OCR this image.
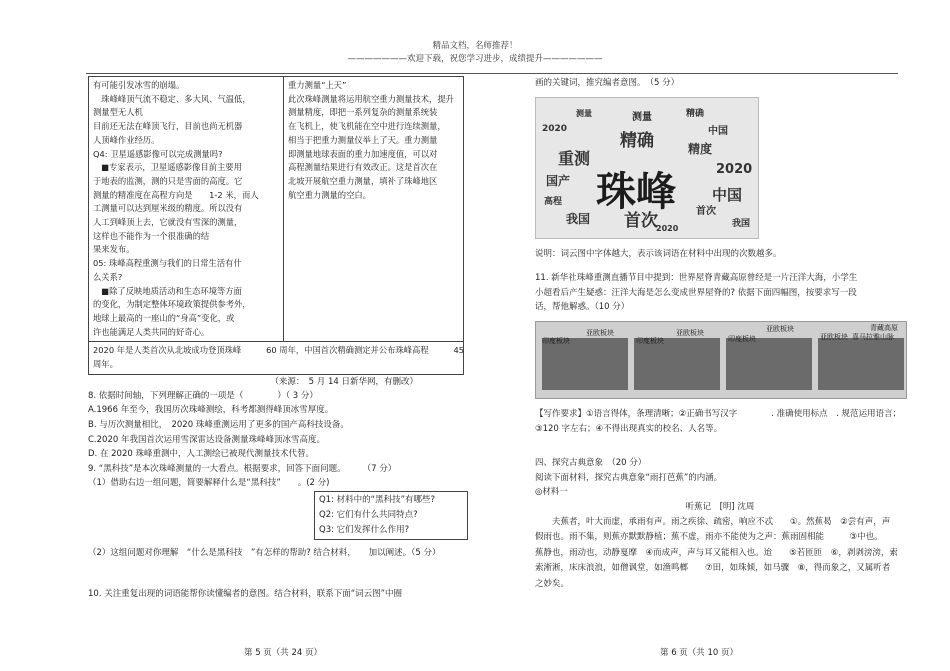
精品文档，名师推荐！
———————欢迎下载，祝您学习进步，成绩提升———————
有可能引发冰雪的崩塌。
　珠峰峰顶气流不稳定、多大风、气温低，
测量型无人机
目前还无法在峰顶飞行，目前也尚无机器
人顶峰作业经历。
Q4: 卫星遥感影像可以完成测量吗?
　■专家表示，卫星遥感影像目前主要用
于地表的监测，测的只是雪面的高度。它
测量的精准度在高程方向是　　1-2 米，而人
工测量可以达到厘米级的精度。所以没有
人工到峰顶上去，它就没有雪深的测量，
这样也不能作为一个很准确的结
果来发布。
05: 珠峰高程重测与我们的日常生活有什
么关系?
　■除了反映地质活动和生态环境等方面
的变化，为制定整体环境政策提供参考外，
地球上最高的一座山的“身高”变化，或
许也能满足人类共同的好奇心。

重力测量“上天”
此次珠峰测量将运用航空重力测量技术，提升
测量精度，即把一系列复杂的测量系统装
在飞机上，使飞机能在空中进行连续测量，
相当于把重力测量仪举上了天。重力测量
即测量地球表面的重力加速度值，可以对
高程测量结果进行有效改正。这是首次在
北坡开展航空重力测量，填补了珠峰地区
航空重力测量的空白。

2020 年是人类首次从北坡成功登顶珠峰　　　60 周年，中国首次精确测定并公布珠峰高程　　　45
周年。
（来源：　5 月 14 日新华网，有删改）

8. 依据时间轴，下列理解正确的一项是（　　　　）（ 3 分）

A.1966 年至今，我国历次珠峰测绘，科考都测得峰顶冰雪厚度。

B. 与历次测量相比，　2020 珠峰重测运用了更多的国产高科技设备。

C.2020 年我国首次运用雪深雷达设备测量珠峰峰顶冰雪高度。

D. 在 2020 珠峰重测中，人工测绘已被现代测量技术代替。

9. “黑科技”是本次珠峰测量的一大看点。根据要求，回答下面问题。　　　（7 分）

（1）借助右边一组问题，简要解释什么是“黑科技”　　。(2 分)

Q1: 材料中的“黑科技”有哪些?
Q2: 它们有什么共同特点?
Q3: 它们发挥什么作用?

（2）这组问题对你理解　“什么是黑科技　”有怎样的帮助? 结合材料，　　加以阐述。（5 分）

10. 关注重复出现的词语能帮你读懂编者的意图。结合材料，联系下面“词云图”中圈

第 5 页（共 24 页）

画的关键词，推究编者意图。　（5 分）

测量
精确	精度
中国
重测
国产 珠峰	2020
中国
首次
我国
高程
精确
2020
首次	我国
2020
测量

说明：词云图中字体越大，表示该词语在材料中出现的次数越多。

11. 新华社珠峰重测直播节目中提到：世界屋脊青藏高原曾经是一片汪洋大海，小学生

小超看后产生疑惑：汪洋大海是怎么变成世界屋脊的? 依据下面四幅图，按要求写一段

话，帮他解惑。（10 分）

亚欧板块
印度板块
亚欧板块
印度板块
亚欧板块
印度板块	亚欧板块
青藏高原
喜马拉雅山脉

【写作要求】①语言得体，条理清晰；②正确书写汉字　　　　. 准确使用标点　. 规范运用语言；

③120 字左右；④不得出现真实的校名、人名等。

四、探究古典意象　（20 分）

阅读下面材料，探究古典意象“雨打芭蕉”的内涵。

◎材料一

听蕉记　[明] 沈周

　　夫蕉者，叶大而虚，承雨有声。雨之疾徐、疏密，响应不忒　　①。然蕉曷　②尝有声，声
假雨也。雨不集，则蕉亦默默静植；蕉不虚，雨亦不能使为之声：蕉雨固相能　　　③中也。
蕉静也，雨动也，动静戛摩　④而成声，声与耳又能相入也。迨　　⑤若匝匝　⑥，剥剥滂滂，索
索淅淅，床床浪浪，如僧讽堂，如渔鸣榔　　⑦田，如珠倾，如马骤　⑧，得而象之，又属听者
之妙矣。
第 6 页（共 10 页）
